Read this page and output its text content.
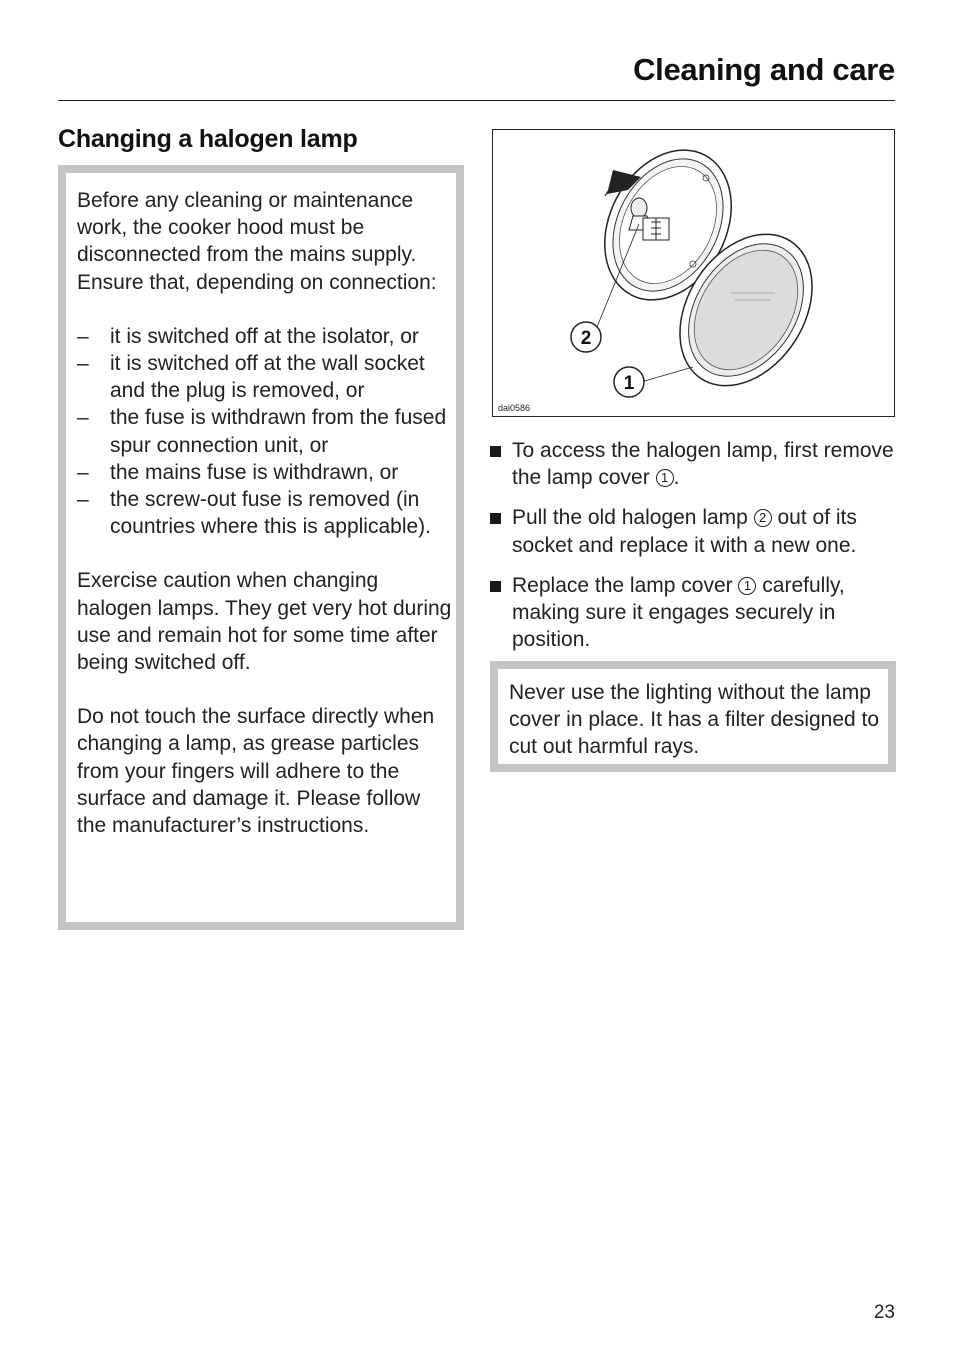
Cleaning and care
Changing a halogen lamp

Before any cleaning or maintenance work, the cooker hood must be disconnected from the mains supply. Ensure that, depending on connection:

– it is switched off at the isolator, or
– it is switched off at the wall socket and the plug is removed, or
– the fuse is withdrawn from the fused spur connection unit, or
– the mains fuse is withdrawn, or
– the screw-out fuse is removed (in countries where this is applicable).

Exercise caution when changing halogen lamps. They get very hot during use and remain hot for some time after being switched off.

Do not touch the surface directly when changing a lamp, as grease particles from your fingers will adhere to the surface and damage it. Please follow the manufacturer’s instructions.

2
1
dai0586
To access the halogen lamp, first remove the lamp cover 1 .
Pull the old halogen lamp 2 out of its socket and replace it with a new one.
Replace the lamp cover 1 carefully, making sure it engages securely in position.
Never use the lighting without the lamp cover in place. It has a filter designed to cut out harmful rays.
23
